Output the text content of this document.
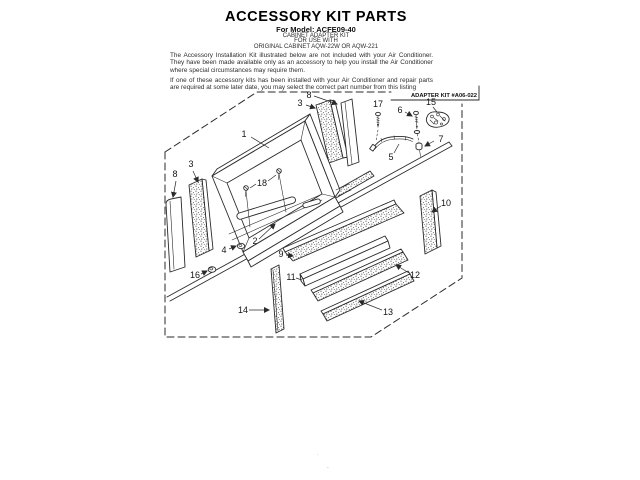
ACCESSORY KIT PARTS
For Model: ACFE09-40
CABINET ADAPTER KIT
FOR USE WITH
ORIGINAL CABINET AQW-22W OR AQW-221
The Accessory Installation Kit illustrated below are not included with your Air Conditioner. They have been made available only as an accessory to help you install the Air Conditioner where special circumstances may require them.
If one of these accessory kits has been installed with your Air Conditioner and repair parts are required at some later date, you may select the correct part number from this listing
ADAPTER KIT #A06-022
1
2
3
8
3
8
17
6
15
7
5
18
4
16
9
11
10
12
14	13
·
-
